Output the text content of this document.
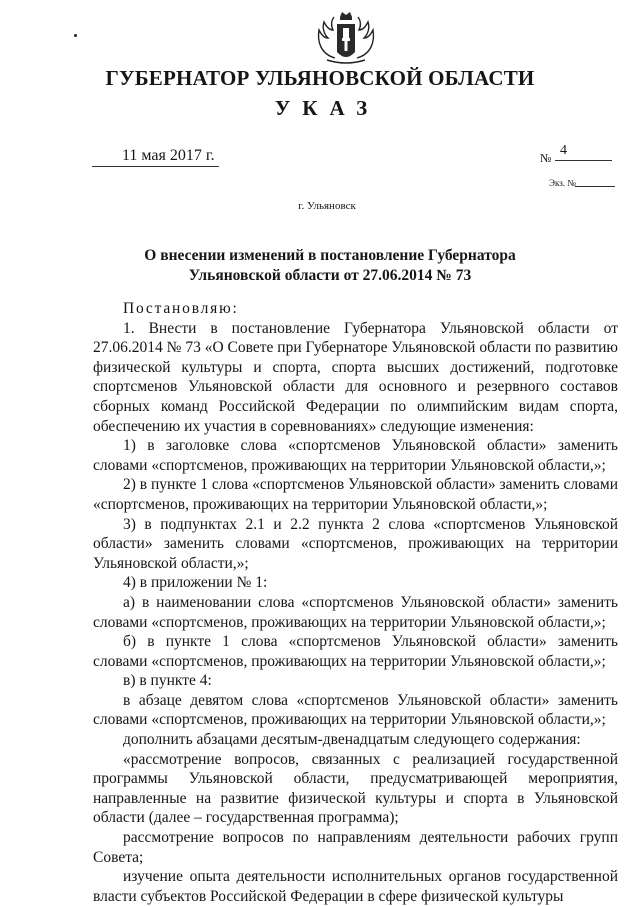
ГУБЕРНАТОР УЛЬЯНОВСКОЙ ОБЛАСТИ
УКАЗ
11 мая 2017 г.	№ 4
Экз. №
г. Ульяновск
О внесении изменений в постановление Губернатора
Ульяновской области от 27.06.2014 № 73

Постановляю:

1. Внести в постановление Губернатора Ульяновской области от 27.06.2014 № 73 «О Совете при Губернаторе Ульяновской области по развитию физической культуры и спорта, спорта высших достижений, подготовке спортсменов Ульяновской области для основного и резервного составов сборных команд Российской Федерации по олимпийским видам спорта, обеспечению их участия в соревнованиях» следующие изменения:

1) в заголовке слова «спортсменов Ульяновской области» заменить словами «спортсменов, проживающих на территории Ульяновской области,»;

2) в пункте 1 слова «спортсменов Ульяновской области» заменить словами «спортсменов, проживающих на территории Ульяновской области,»;

3) в подпунктах 2.1 и 2.2 пункта 2 слова «спортсменов Ульяновской области» заменить словами «спортсменов, проживающих на территории Ульяновской области,»;

4) в приложении № 1:

а) в наименовании слова «спортсменов Ульяновской области» заменить словами «спортсменов, проживающих на территории Ульяновской области,»;

б) в пункте 1 слова «спортсменов Ульяновской области» заменить словами «спортсменов, проживающих на территории Ульяновской области,»;

в) в пункте 4:

в абзаце девятом слова «спортсменов Ульяновской области» заменить словами «спортсменов, проживающих на территории Ульяновской области,»;

дополнить абзацами десятым-двенадцатым следующего содержания:

«рассмотрение вопросов, связанных с реализацией государственной программы Ульяновской области, предусматривающей мероприятия, направленные на развитие физической культуры и спорта в Ульяновской области (далее – государственная программа);

рассмотрение вопросов по направлениям деятельности рабочих групп Совета;

изучение опыта деятельности исполнительных органов государственной власти субъектов Российской Федерации в сфере физической культуры
